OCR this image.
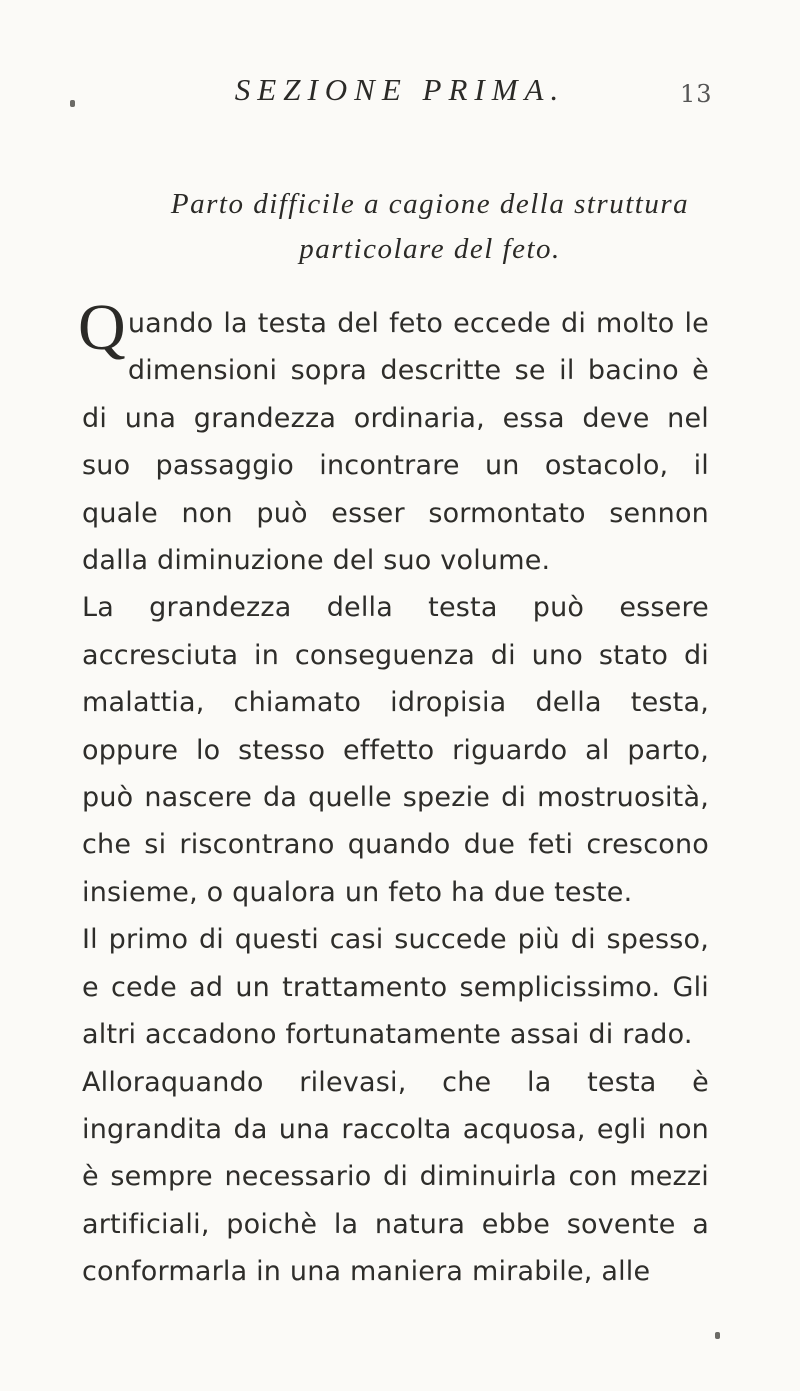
13
SEZIONE PRIMA.
Parto difficile a cagione della struttura particolare del feto.

Quando la testa del feto eccede di molto le dimensioni sopra descritte se il bacino è di una grandezza ordinaria, essa deve nel suo passaggio incontrare un ostacolo, il quale non può esser sormontato sennon dalla diminuzione del suo volume.

La grandezza della testa può essere accresciuta in conseguenza di uno stato di malattia, chiamato idropisia della testa, oppure lo stesso effetto riguardo al parto, può nascere da quelle spezie di mostruosità, che si riscontrano quando due feti crescono insieme, o qualora un feto ha due teste.

Il primo di questi casi succede più di spesso, e cede ad un trattamento semplicissimo. Gli altri accadono fortunatamente assai di rado.

Alloraquando rilevasi, che la testa è ingrandita da una raccolta acquosa, egli non è sempre necessario di diminuirla con mezzi artificiali, poichè la natura ebbe sovente a conformarla in una maniera mirabile, alle
